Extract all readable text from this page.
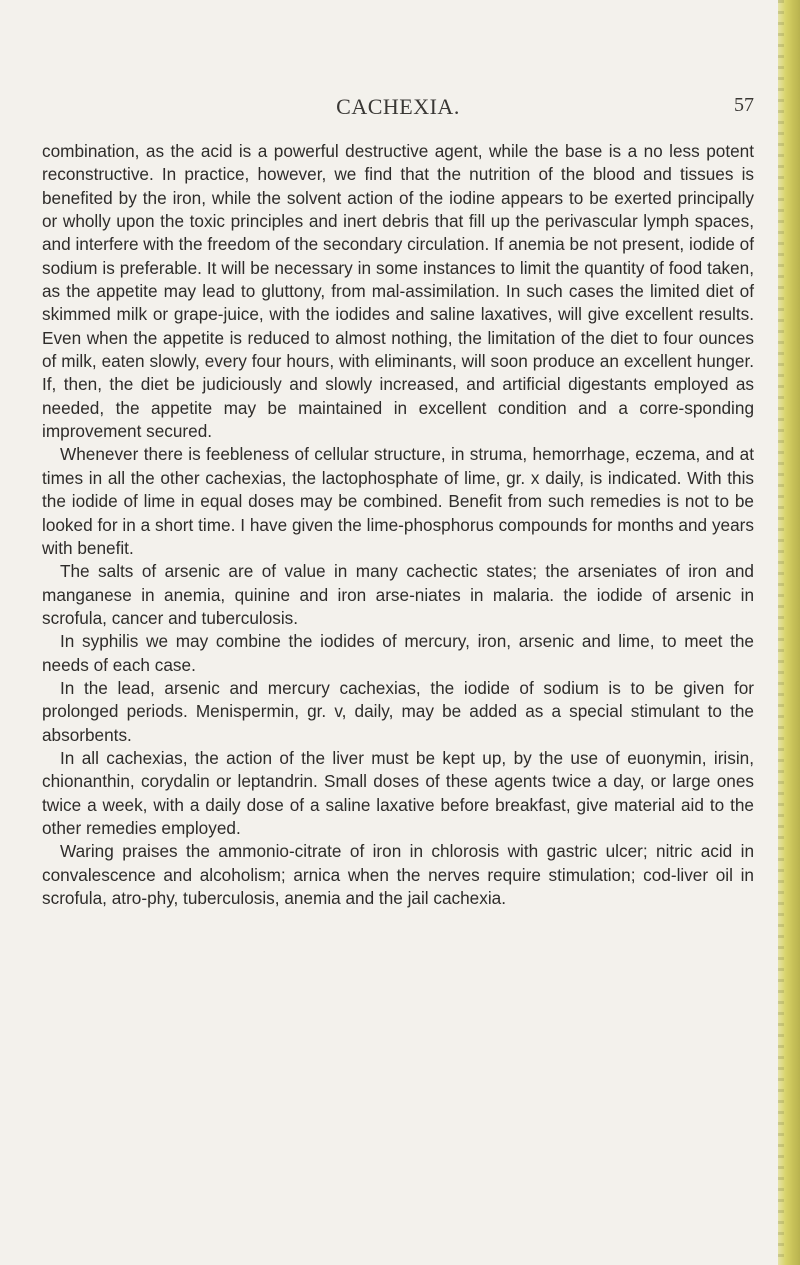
CACHEXIA.	57

combination, as the acid is a powerful destructive agent, while the base is a no less potent reconstructive. In practice, however, we find that the nutrition of the blood and tissues is benefited by the iron, while the solvent action of the iodine appears to be exerted principally or wholly upon the toxic principles and inert debris that fill up the perivascular lymph spaces, and interfere with the freedom of the secondary circulation. If anemia be not present, iodide of sodium is preferable. It will be necessary in some instances to limit the quantity of food taken, as the appetite may lead to gluttony, from mal-assimilation. In such cases the limited diet of skimmed milk or grape-juice, with the iodides and saline laxatives, will give excellent results. Even when the appetite is reduced to almost nothing, the limitation of the diet to four ounces of milk, eaten slowly, every four hours, with eliminants, will soon produce an excellent hunger. If, then, the diet be judiciously and slowly increased, and artificial digestants employed as needed, the appetite may be maintained in excellent condition and a corre-sponding improvement secured.

Whenever there is feebleness of cellular structure, in struma, hemorrhage, eczema, and at times in all the other cachexias, the lactophosphate of lime, gr. x daily, is indicated. With this the iodide of lime in equal doses may be combined. Benefit from such remedies is not to be looked for in a short time. I have given the lime-phosphorus compounds for months and years with benefit.

The salts of arsenic are of value in many cachectic states; the arseniates of iron and manganese in anemia, quinine and iron arse-niates in malaria. the iodide of arsenic in scrofula, cancer and tuberculosis.

In syphilis we may combine the iodides of mercury, iron, arsenic and lime, to meet the needs of each case.

In the lead, arsenic and mercury cachexias, the iodide of sodium is to be given for prolonged periods. Menispermin, gr. v, daily, may be added as a special stimulant to the absorbents.

In all cachexias, the action of the liver must be kept up, by the use of euonymin, irisin, chionanthin, corydalin or leptandrin. Small doses of these agents twice a day, or large ones twice a week, with a daily dose of a saline laxative before breakfast, give material aid to the other remedies employed.

Waring praises the ammonio-citrate of iron in chlorosis with gastric ulcer; nitric acid in convalescence and alcoholism; arnica when the nerves require stimulation; cod-liver oil in scrofula, atro-phy, tuberculosis, anemia and the jail cachexia.
